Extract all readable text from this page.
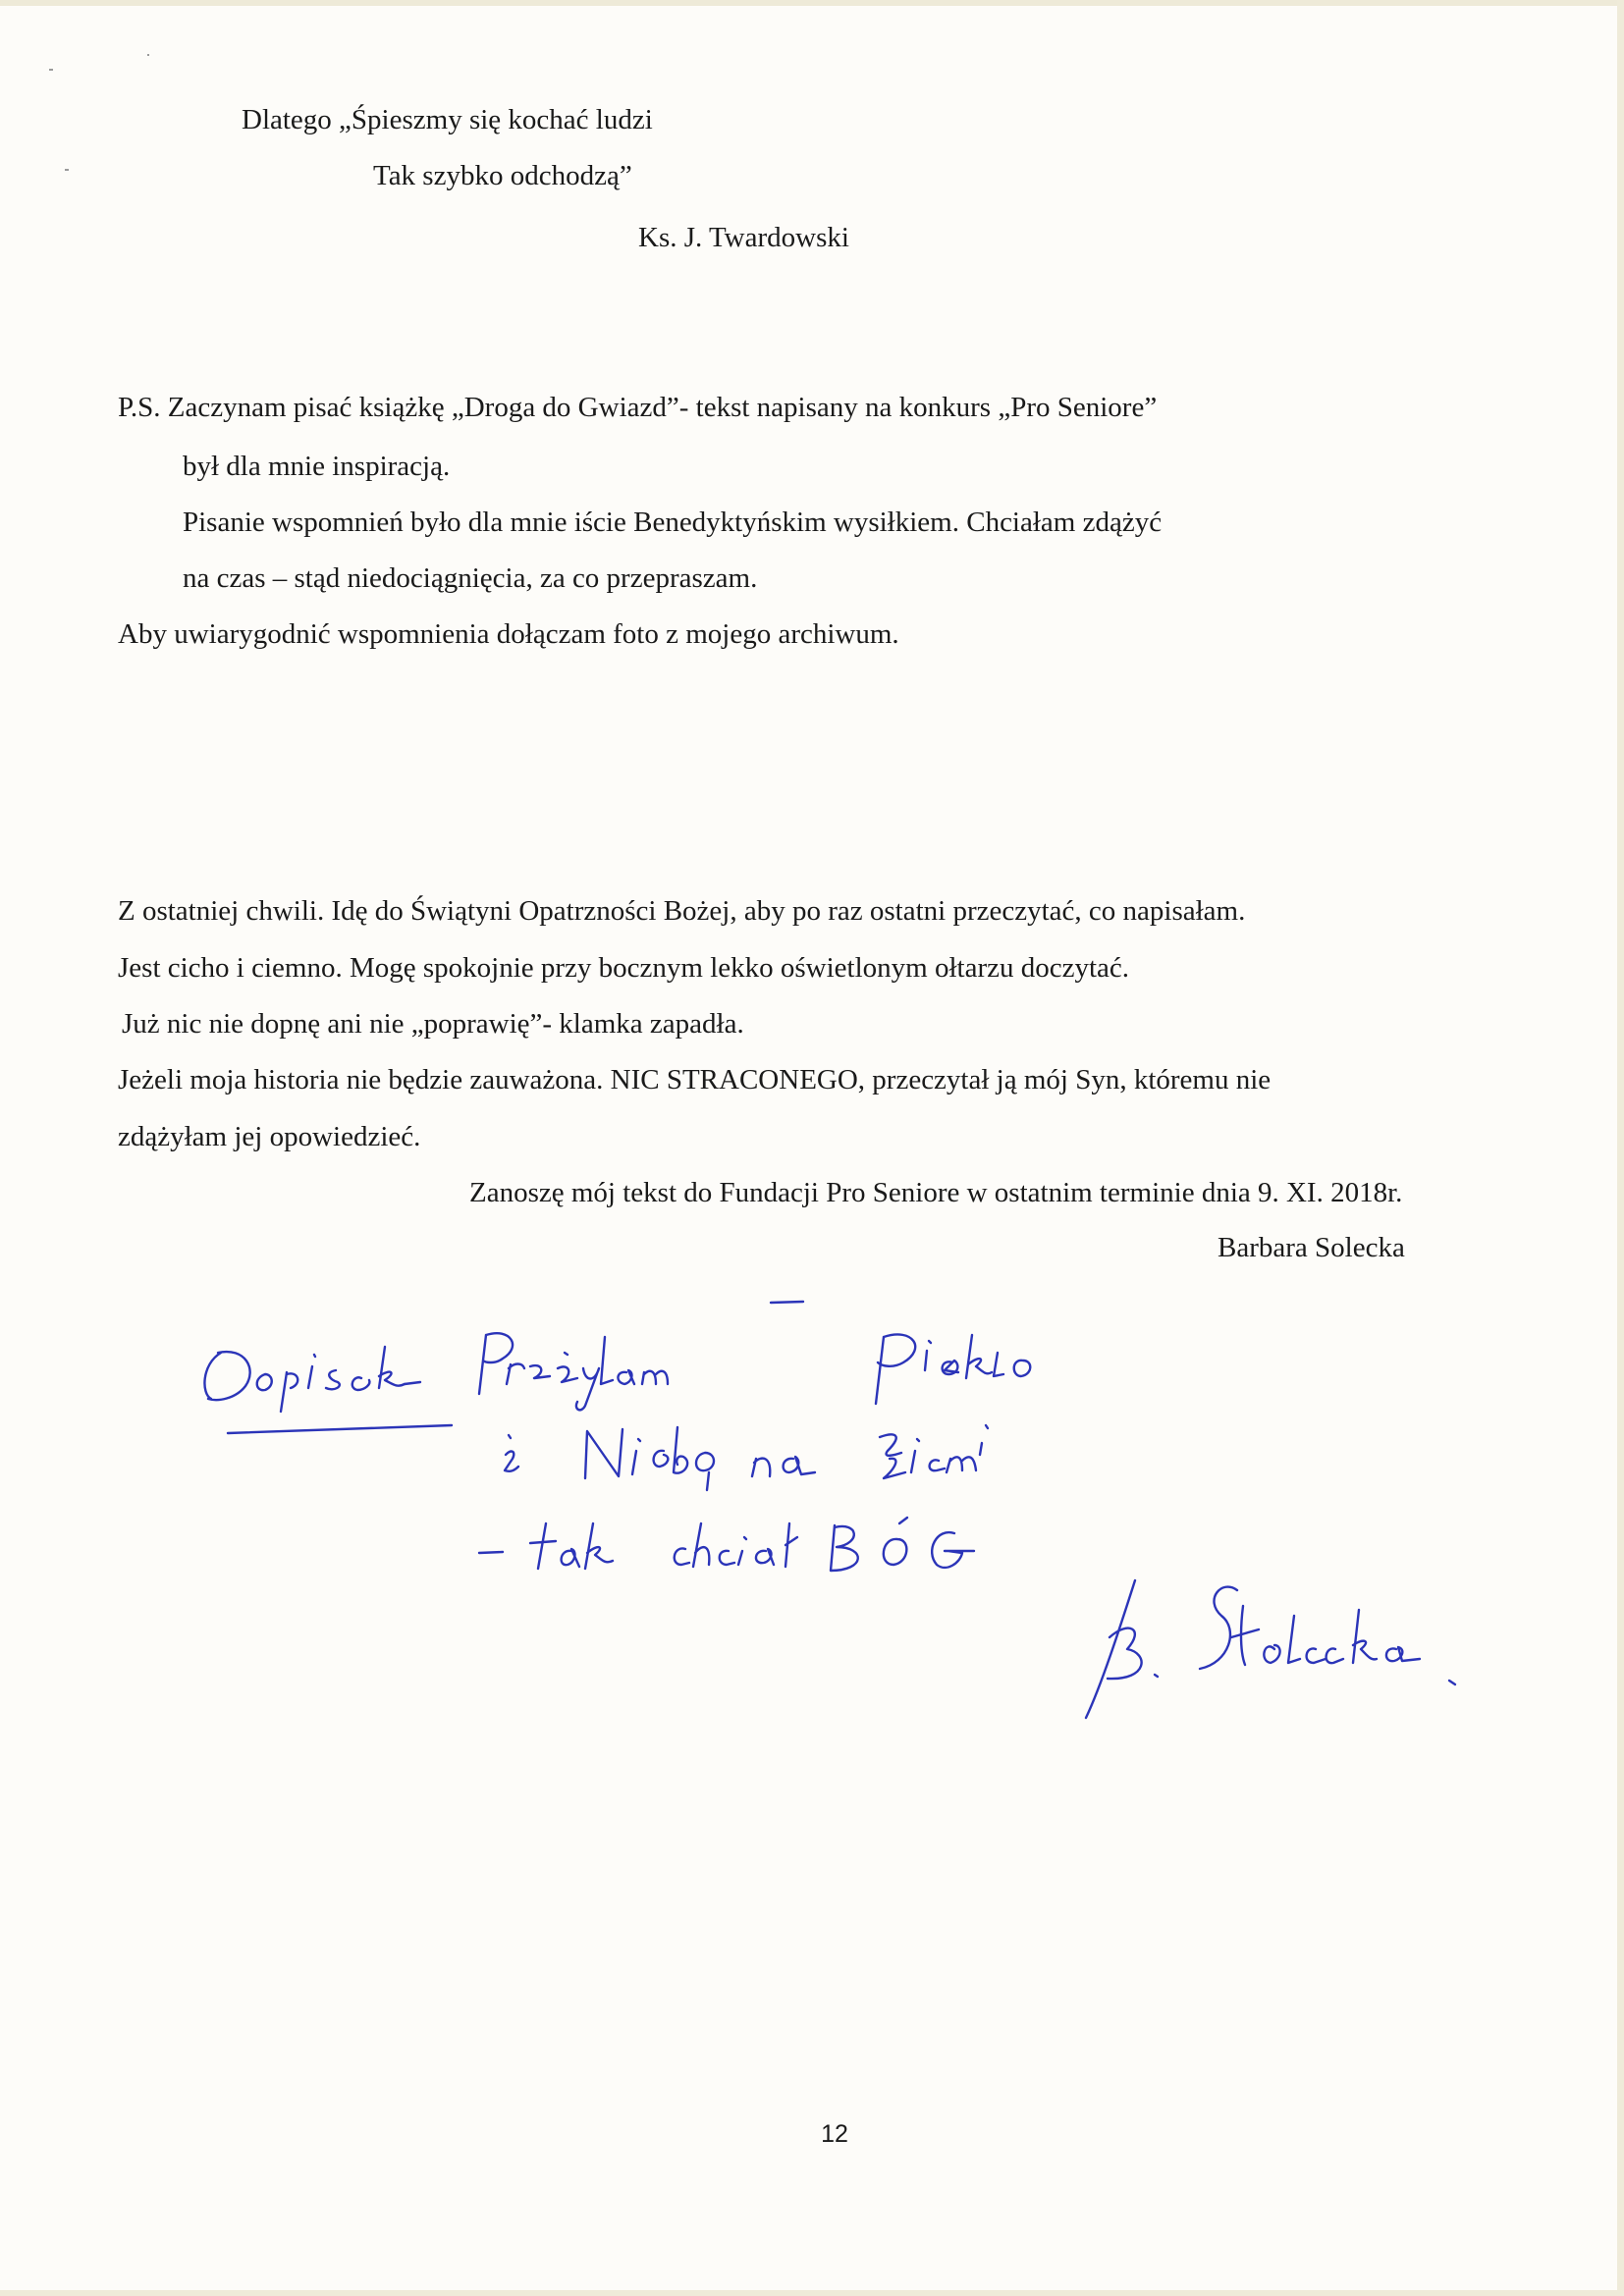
Dlatego „Śpieszmy się kochać ludzi
Tak szybko odchodzą”
Ks. J. Twardowski
P.S. Zaczynam pisać książkę „Droga do Gwiazd”- tekst napisany na konkurs „Pro Seniore”
był dla mnie inspiracją.
Pisanie wspomnień było dla mnie iście Benedyktyńskim wysiłkiem. Chciałam zdążyć
na czas – stąd niedociągnięcia, za co przepraszam.
Aby uwiarygodnić wspomnienia dołączam foto z mojego archiwum.
Z ostatniej chwili. Idę do Świątyni Opatrzności Bożej, aby po raz ostatni przeczytać, co napisałam.
Jest cicho i ciemno. Mogę spokojnie przy bocznym lekko oświetlonym ołtarzu doczytać.
Już nic nie dopnę ani nie „poprawię”- klamka zapadła.
Jeżeli moja historia nie będzie zauważona. NIC STRACONEGO, przeczytał ją mój Syn, któremu nie
zdążyłam jej opowiedzieć.
Zanoszę mój tekst do Fundacji Pro Seniore w ostatnim terminie dnia 9. XI. 2018r.
Barbara Solecka
12
